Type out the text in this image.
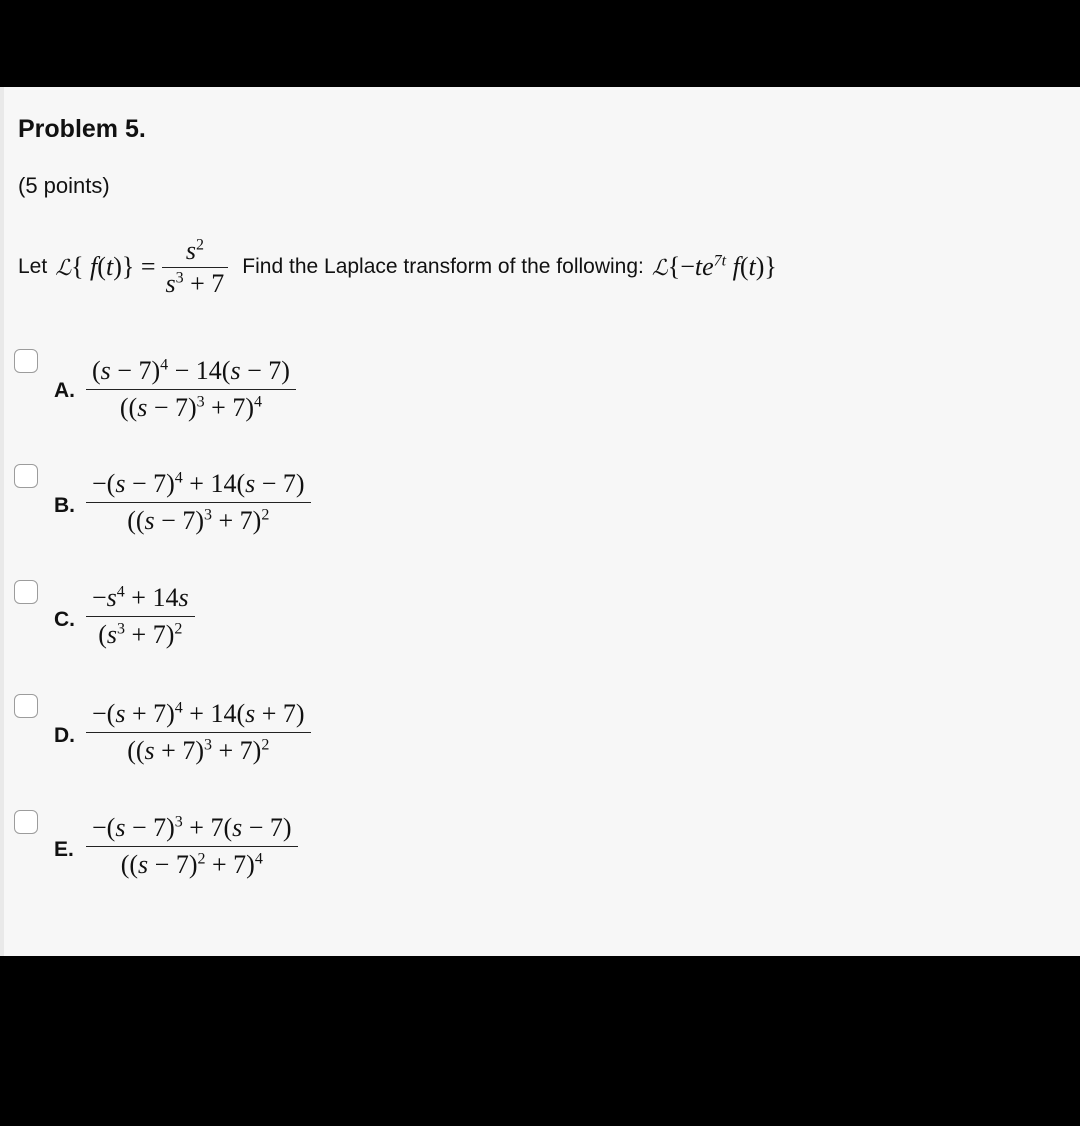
Problem 5.
(5 points)
Let ℒ{ $f(t)\} = \frac{s^2}{s^3 + 7}$ Find the Laplace transform of the following: $ℒ\{-te^{7t}$ f(t)}
A.
$(s - 7)^4 - 14(s - 7)$
$((s - 7)^3 + 7)^4$
B.
$-(s - 7)^4 + 14(s - 7)$
$((s - 7)^3 + 7)^2$
C.
$-s^4 + 14s$
$(s^3 + 7)^2$
D.
$-(s + 7)^4 + 14(s + 7)$
$((s + 7)^3 + 7)^2$
E.
$-(s - 7)^3 + 7(s - 7)$
$((s - 7)^2 + 7)^4$
